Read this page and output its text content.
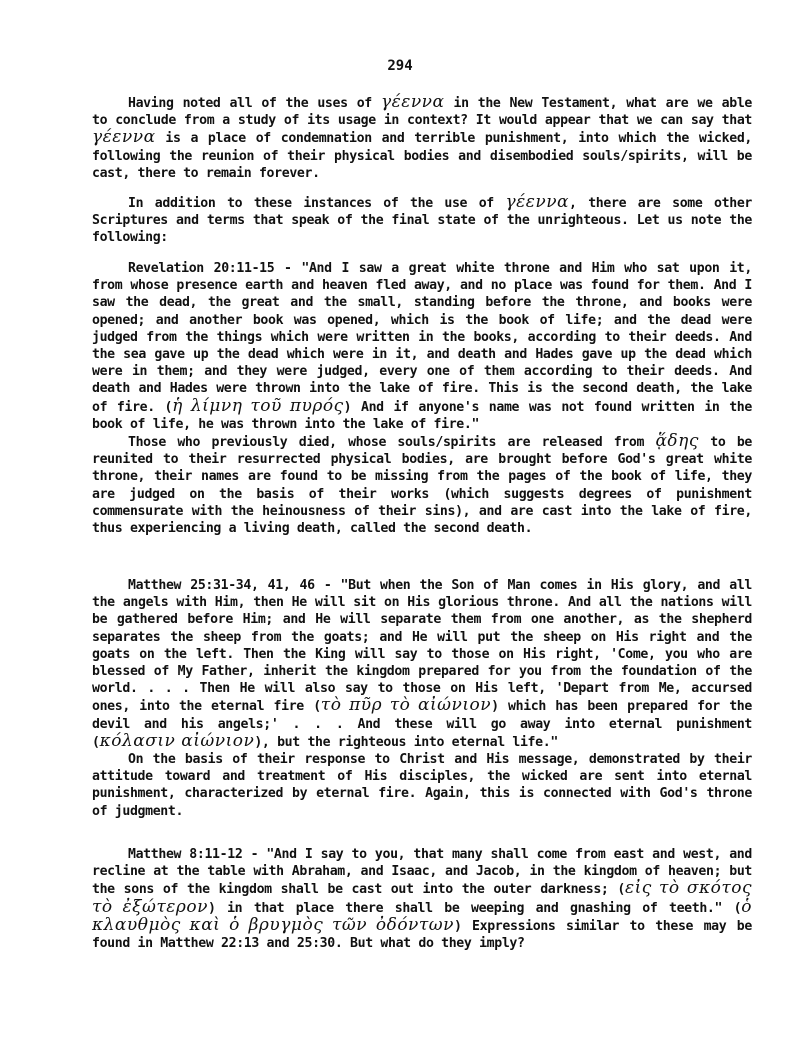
294

Having noted all of the uses of γέεννα in the New Testament, what are we able to conclude from a study of its usage in context? It would appear that we can say that γέεννα is a place of condemnation and terrible punishment, into which the wicked, following the reunion of their physical bodies and disembodied souls/spirits, will be cast, there to remain forever.

In addition to these instances of the use of γέεννα, there are some other Scriptures and terms that speak of the final state of the unrighteous. Let us note the following:

Revelation 20:11-15 - "And I saw a great white throne and Him who sat upon it, from whose presence earth and heaven fled away, and no place was found for them. And I saw the dead, the great and the small, standing before the throne, and books were opened; and another book was opened, which is the book of life; and the dead were judged from the things which were written in the books, according to their deeds. And the sea gave up the dead which were in it, and death and Hades gave up the dead which were in them; and they were judged, every one of them according to their deeds. And death and Hades were thrown into the lake of fire. This is the second death, the lake of fire. (ἡ λίμνη τοῦ πυρός) And if anyone's name was not found written in the book of life, he was thrown into the lake of fire."

Those who previously died, whose souls/spirits are released from ᾅδης to be reunited to their resurrected physical bodies, are brought before God's great white throne, their names are found to be missing from the pages of the book of life, they are judged on the basis of their works (which suggests degrees of punishment commensurate with the heinousness of their sins), and are cast into the lake of fire, thus experiencing a living death, called the second death.

Matthew 25:31-34, 41, 46 - "But when the Son of Man comes in His glory, and all the angels with Him, then He will sit on His glorious throne. And all the nations will be gathered before Him; and He will separate them from one another, as the shepherd separates the sheep from the goats; and He will put the sheep on His right and the goats on the left. Then the King will say to those on His right, 'Come, you who are blessed of My Father, inherit the kingdom prepared for you from the foundation of the world. . . . Then He will also say to those on His left, 'Depart from Me, accursed ones, into the eternal fire (τὸ πῦρ τὸ αἰώνιον) which has been prepared for the devil and his angels;' . . . And these will go away into eternal punishment (κόλασιν αἰώνιον), but the righteous into eternal life."

On the basis of their response to Christ and His message, demonstrated by their attitude toward and treatment of His disciples, the wicked are sent into eternal punishment, characterized by eternal fire. Again, this is connected with God's throne of judgment.

Matthew 8:11-12 - "And I say to you, that many shall come from east and west, and recline at the table with Abraham, and Isaac, and Jacob, in the kingdom of heaven; but the sons of the kingdom shall be cast out into the outer darkness; (εἰς τὸ σκότος τὸ ἐξώτερον) in that place there shall be weeping and gnashing of teeth." (ὁ κλαυθμὸς καὶ ὁ βρυγμὸς τῶν ὀδόντων) Expressions similar to these may be found in Matthew 22:13 and 25:30. But what do they imply?
